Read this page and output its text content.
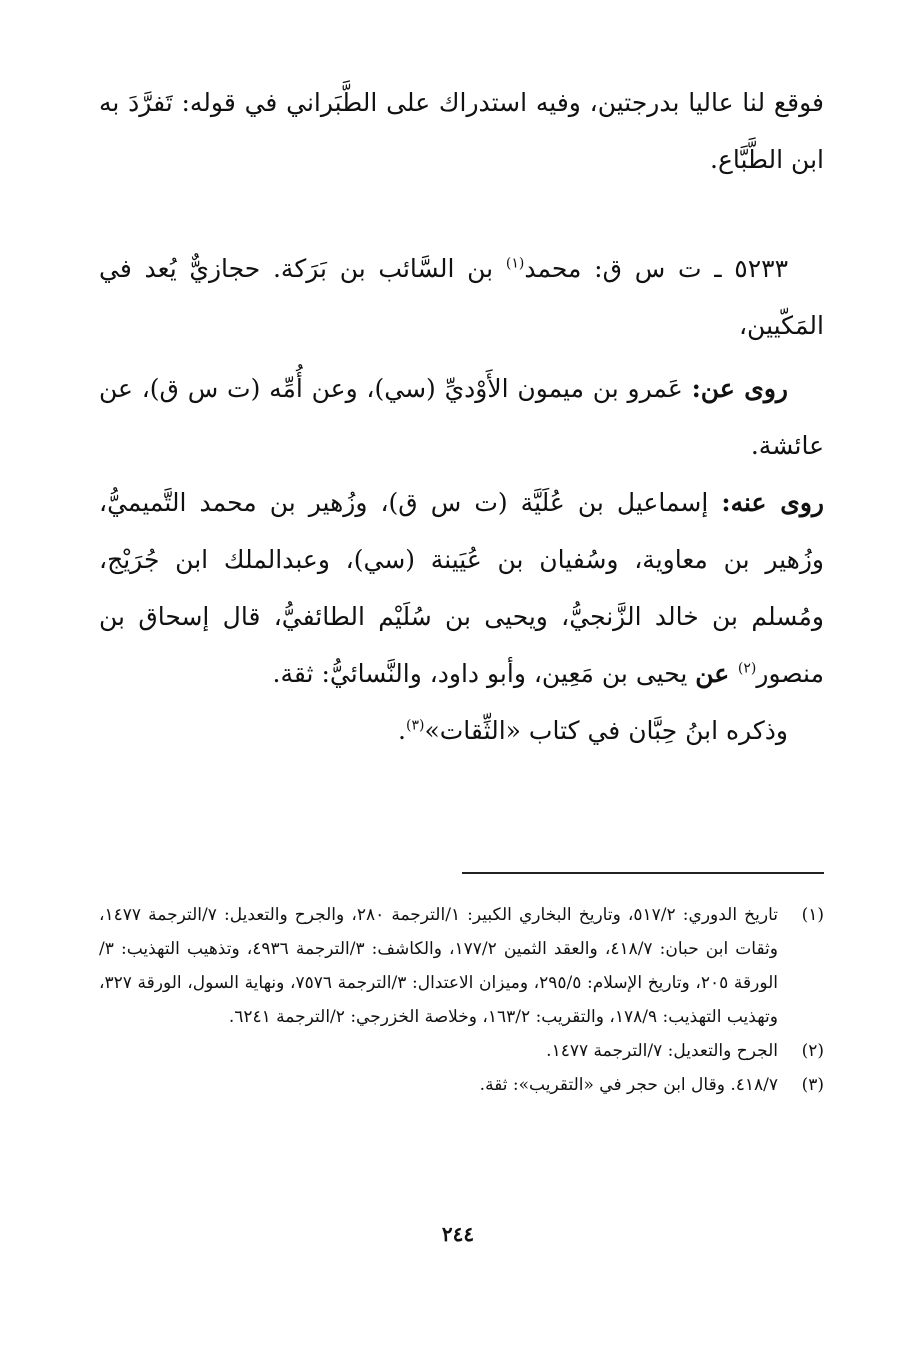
فوقع لنا عاليا بدرجتين، وفيه استدراك على الطَّبَراني في قوله: تَفرَّدَ به ابن الطَّبَّاع.

٥٢٣٣ ـ ت س ق: محمد$^{(١)}$ بن السَّائب بن بَرَكة. حجازيٌّ يُعد في المَكّيين،

روى عن: عَمرو بن ميمون الأَوْديِّ (سي)، وعن أُمِّه (ت س ق)، عن عائشة.

روى عنه: إسماعيل بن عُلَيَّة (ت س ق)، وزُهير بن محمد التَّميميُّ، وزُهير بن معاوية، وسُفيان بن عُيَينة (سي)، وعبدالملك ابن جُرَيْج، ومُسلم بن خالد الزَّنجيُّ، ويحيى بن سُلَيْم الطائفيُّ، قال إسحاق بن منصور$^{(٢)}$ عن يحيى بن مَعِين، وأبو داود، والنَّسائيُّ: ثقة.

وذكره ابنُ حِبَّان في كتاب «الثِّقات»$^{(٣)}$.

(١)
تاريخ الدوري: ٥١٧/٢، وتاريخ البخاري الكبير: ١/الترجمة ٢٨٠، والجرح والتعديل: ٧/الترجمة ١٤٧٧، وثقات ابن حبان: ٤١٨/٧، والعقد الثمين ١٧٧/٢، والكاشف: ٣/الترجمة ٤٩٣٦، وتذهيب التهذيب: ٣/الورقة ٢٠٥، وتاريخ الإسلام: ٢٩٥/٥، وميزان الاعتدال: ٣/الترجمة ٧٥٧٦، ونهاية السول، الورقة ٣٢٧، وتهذيب التهذيب: ١٧٨/٩، والتقريب: ١٦٣/٢، وخلاصة الخزرجي: ٢/الترجمة ٦٢٤١.
(٢)
الجرح والتعديل: ٧/الترجمة ١٤٧٧.
(٣)
٤١٨/٧. وقال ابن حجر في «التقريب»: ثقة.
٢٤٤
